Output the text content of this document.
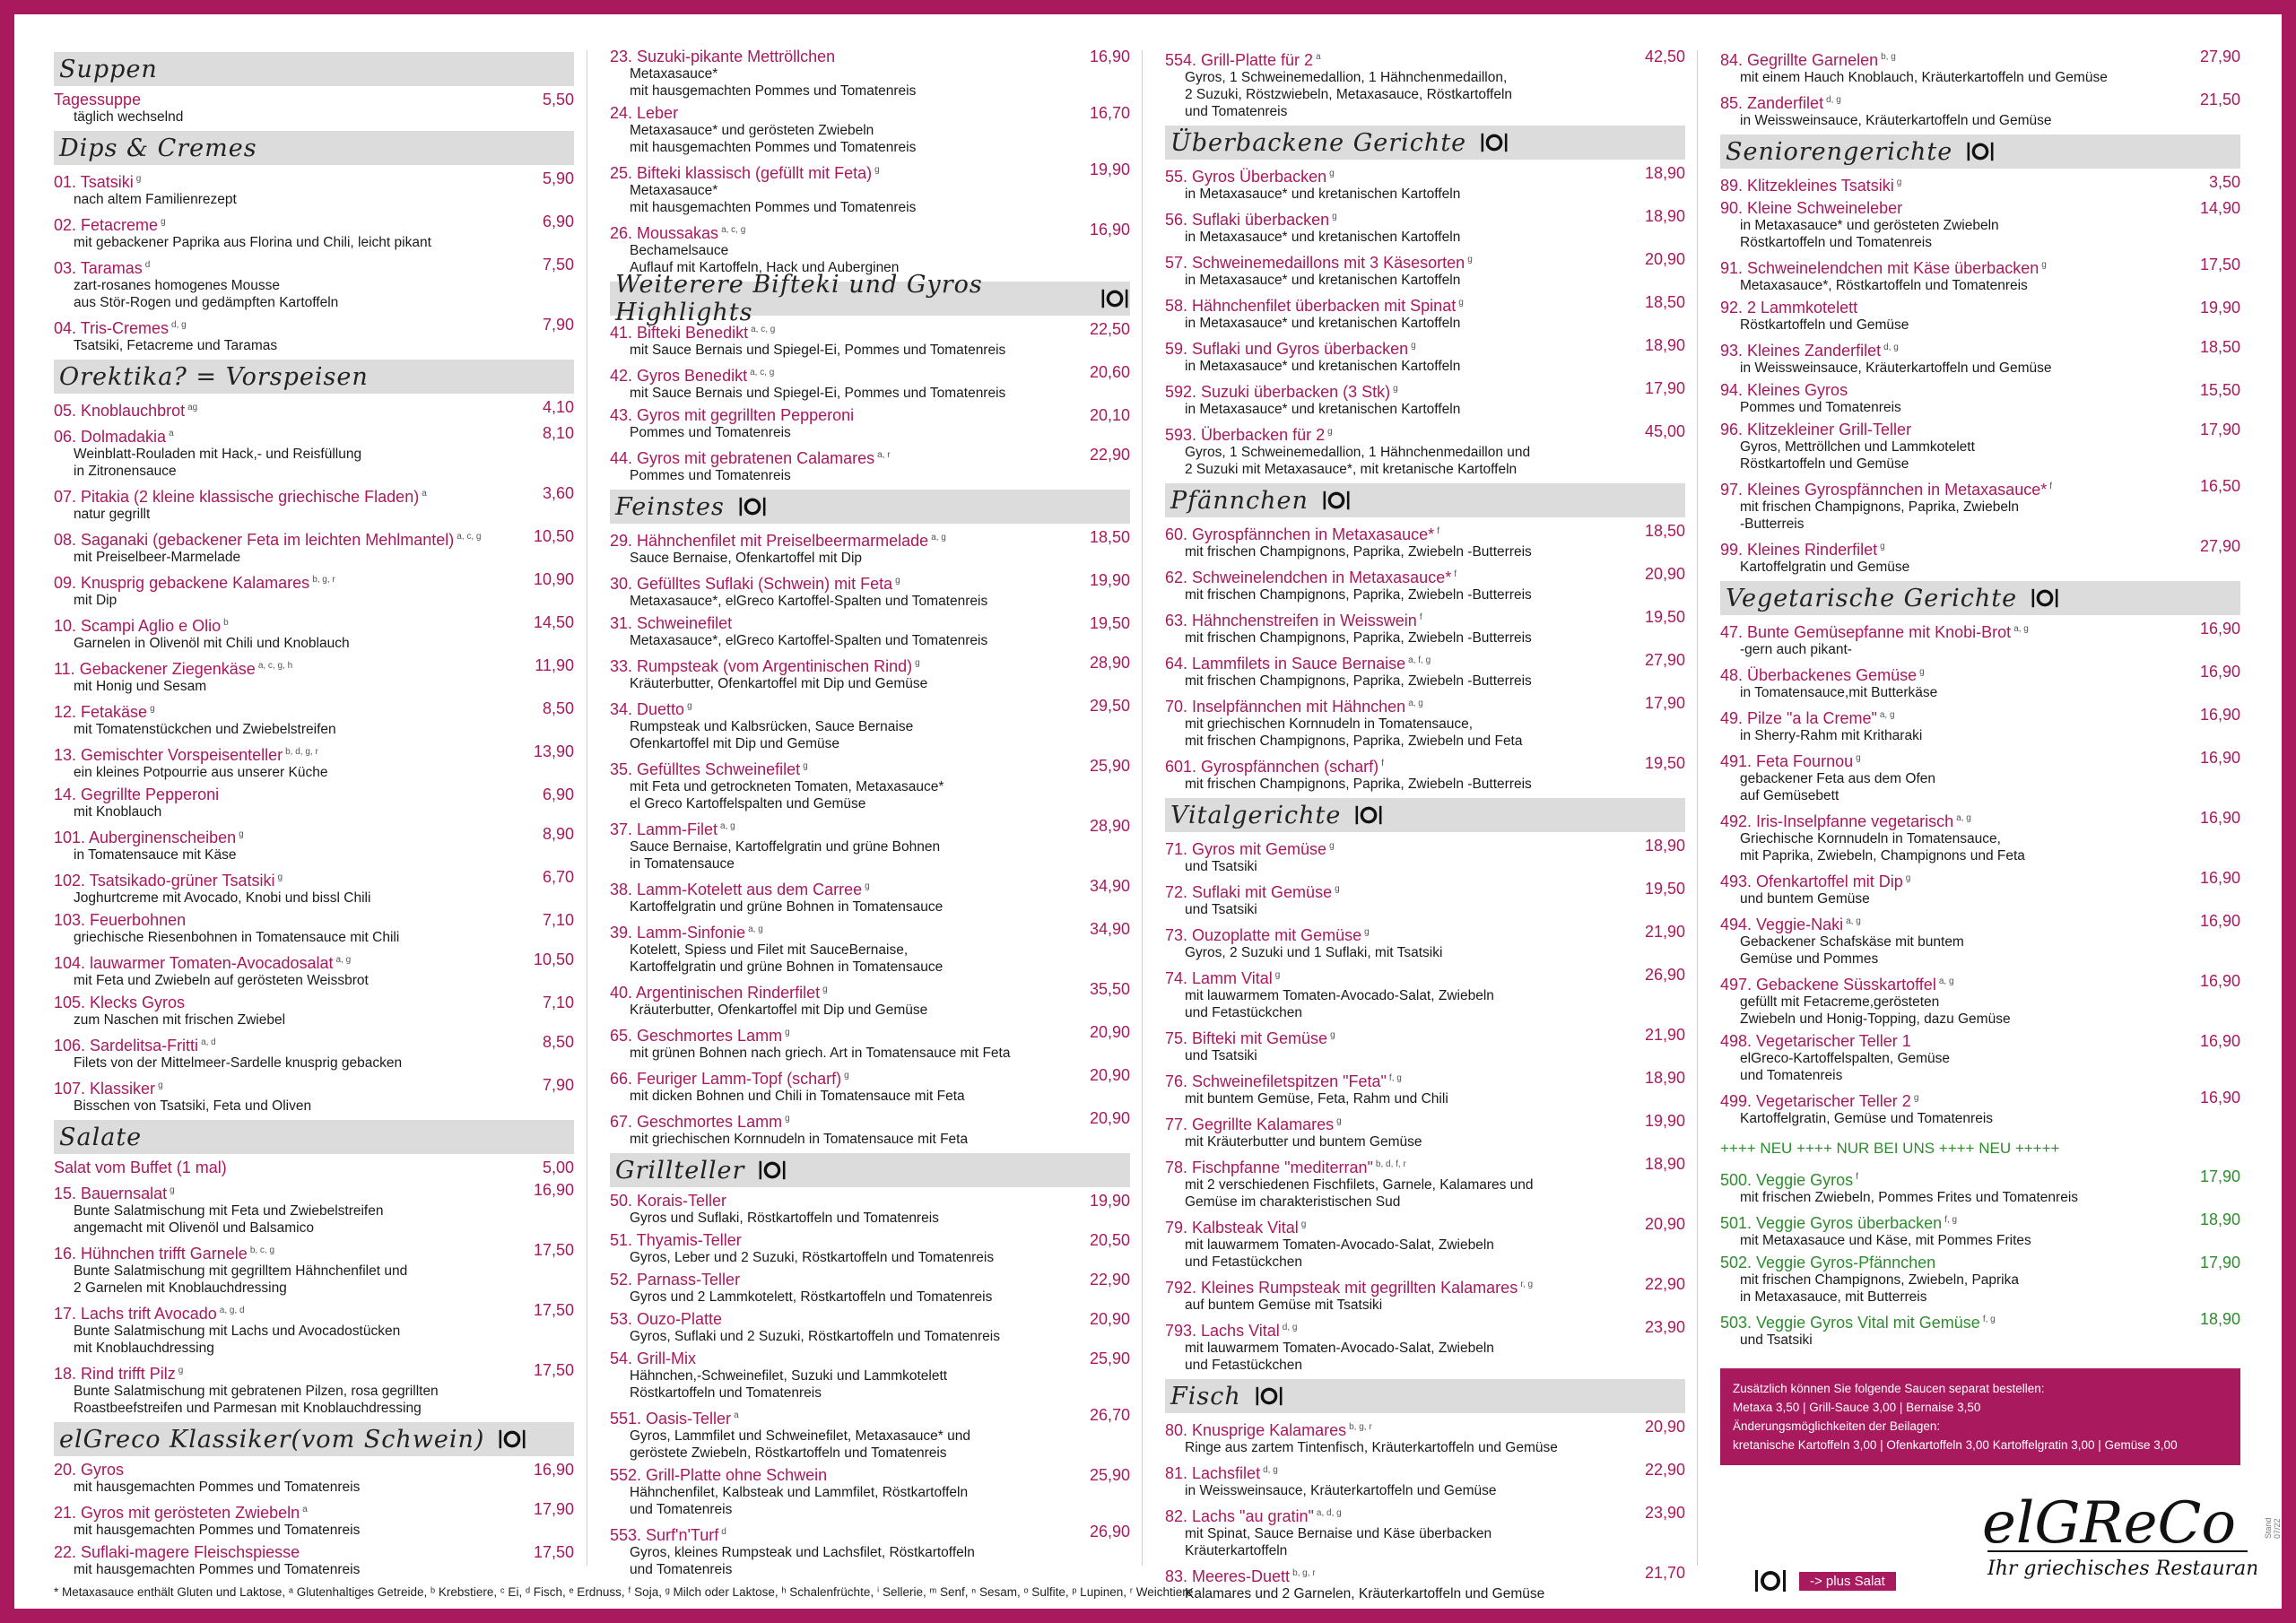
Suppen
Tagessuppe	5,50
täglich wechselnd
Dips & Cremes
01. Tsatsiki $^g$	5,90
nach altem Familienrezept
02. Fetacreme $^g$	6,90
mit gebackener Paprika aus Florina und Chili, leicht pikant
03. Taramas $^d$	7,50
zart-rosanes homogenes Mousse
aus Stör-Rogen und gedämpften Kartoffeln
04. Tris-Cremes $^{d, g}$	7,90
Tsatsiki, Fetacreme und Taramas
Orektika? = Vorspeisen
05. Knoblauchbrot $^{ag}$	4,10
06. Dolmadakia $^a$	8,10
Weinblatt-Rouladen mit Hack,- und Reisfüllung
in Zitronensauce
07. Pitakia (2 kleine klassische griechische Fladen) $^a$	3,60
natur gegrillt
08. Saganaki (gebackener Feta im leichten Mehlmantel) $^{a, c, g}$	10,50
mit Preiselbeer-Marmelade
09. Knusprig gebackene Kalamares $^{b, g, r}$	10,90
mit Dip
10. Scampi Aglio e Olio $^b$	14,50
Garnelen in Olivenöl mit Chili und Knoblauch
11. Gebackener Ziegenkäse $^{a, c, g, h}$	11,90
mit Honig und Sesam
12. Fetakäse $^g$	8,50
mit Tomatenstückchen und Zwiebelstreifen
13. Gemischter Vorspeisenteller $^{b, d, g, r}$	13,90
ein kleines Potpourrie aus unserer Küche
14. Gegrillte Pepperoni	6,90
mit Knoblauch
101. Auberginenscheiben $^g$	8,90
in Tomatensauce mit Käse
102. Tsatsikado-grüner Tsatsiki $^g$	6,70
Joghurtcreme mit Avocado, Knobi und bissl Chili
103. Feuerbohnen	7,10
griechische Riesenbohnen in Tomatensauce mit Chili
104. lauwarmer Tomaten-Avocadosalat $^{a, g}$	10,50
mit Feta und Zwiebeln auf gerösteten Weissbrot
105. Klecks Gyros	7,10
zum Naschen mit frischen Zwiebel
106. Sardelitsa-Fritti $^{a, d}$	8,50
Filets von der Mittelmeer-Sardelle knusprig gebacken
107. Klassiker $^g$	7,90
Bisschen von Tsatsiki, Feta und Oliven
Salate
Salat vom Buffet (1 mal)	5,00
15. Bauernsalat $^g$	16,90
Bunte Salatmischung mit Feta und Zwiebelstreifen
angemacht mit Olivenöl und Balsamico
16. Hühnchen trifft Garnele $^{b, c, g}$	17,50
Bunte Salatmischung mit gegrilltem Hähnchenfilet und
2 Garnelen mit Knoblauchdressing
17. Lachs trift Avocado $^{a, g, d}$	17,50
Bunte Salatmischung mit Lachs und Avocadostücken
mit Knoblauchdressing
18. Rind trifft Pilz $^g$	17,50
Bunte Salatmischung mit gebratenen Pilzen, rosa gegrillten
Roastbeefstreifen und Parmesan mit Knoblauchdressing
elGreco Klassiker(vom Schwein)
20. Gyros	16,90
mit hausgemachten Pommes und Tomatenreis
21. Gyros mit gerösteten Zwiebeln $^a$	17,90
mit hausgemachten Pommes und Tomatenreis
22. Suflaki-magere Fleischspiesse	17,50
mit hausgemachten Pommes und Tomatenreis
23. Suzuki-pikante Mettröllchen	16,90
Metaxasauce*
mit hausgemachten Pommes und Tomatenreis
24. Leber	16,70
Metaxasauce* und gerösteten Zwiebeln
mit hausgemachten Pommes und Tomatenreis
25. Bifteki klassisch (gefüllt mit Feta) $^g$	19,90
Metaxasauce*
mit hausgemachten Pommes und Tomatenreis
26. Moussakas $^{a, c, g}$	16,90
Bechamelsauce
Auflauf mit Kartoffeln, Hack und Auberginen
Weiterere Bifteki und Gyros Highlights
41. Bifteki Benedikt $^{a, c, g}$	22,50
mit Sauce Bernais und Spiegel-Ei, Pommes und Tomatenreis
42. Gyros Benedikt $^{a, c, g}$	20,60
mit Sauce Bernais und Spiegel-Ei, Pommes und Tomatenreis
43. Gyros mit gegrillten Pepperoni	20,10
Pommes und Tomatenreis
44. Gyros mit gebratenen Calamares $^{a, r}$	22,90
Pommes und Tomatenreis
Feinstes
29. Hähnchenfilet mit Preiselbeermarmelade $^{a, g}$	18,50
Sauce Bernaise, Ofenkartoffel mit Dip
30. Gefülltes Suflaki (Schwein) mit Feta $^g$	19,90
Metaxasauce*, elGreco Kartoffel-Spalten und Tomatenreis
31. Schweinefilet	19,50
Metaxasauce*, elGreco Kartoffel-Spalten und Tomatenreis
33. Rumpsteak (vom Argentinischen Rind) $^g$	28,90
Kräuterbutter, Ofenkartoffel mit Dip und Gemüse
34. Duetto $^g$	29,50
Rumpsteak und Kalbsrücken, Sauce Bernaise
Ofenkartoffel mit Dip und Gemüse
35. Gefülltes Schweinefilet $^g$	25,90
mit Feta und getrockneten Tomaten, Metaxasauce*
el Greco Kartoffelspalten und Gemüse
37. Lamm-Filet $^{a, g}$	28,90
Sauce Bernaise, Kartoffelgratin und grüne Bohnen
in Tomatensauce
38. Lamm-Kotelett aus dem Carree $^g$	34,90
Kartoffelgratin und grüne Bohnen in Tomatensauce
39. Lamm-Sinfonie $^{a, g}$	34,90
Kotelett, Spiess und Filet mit SauceBernaise,
Kartoffelgratin und grüne Bohnen in Tomatensauce
40. Argentinischen Rinderfilet $^g$	35,50
Kräuterbutter, Ofenkartoffel mit Dip und Gemüse
65. Geschmortes Lamm $^g$	20,90
mit grünen Bohnen nach griech. Art in Tomatensauce mit Feta
66. Feuriger Lamm-Topf (scharf) $^g$	20,90
mit dicken Bohnen und Chili in Tomatensauce mit Feta
67. Geschmortes Lamm $^g$	20,90
mit griechischen Kornnudeln in Tomatensauce mit Feta
Grillteller
50. Korais-Teller	19,90
Gyros und Suflaki, Röstkartoffeln und Tomatenreis
51. Thyamis-Teller	20,50
Gyros, Leber und 2 Suzuki, Röstkartoffeln und Tomatenreis
52. Parnass-Teller	22,90
Gyros und 2 Lammkotelett, Röstkartoffeln und Tomatenreis
53. Ouzo-Platte	20,90
Gyros, Suflaki und 2 Suzuki, Röstkartoffeln und Tomatenreis
54. Grill-Mix	25,90
Hähnchen,-Schweinefilet, Suzuki und Lammkotelett
Röstkartoffeln und Tomatenreis
551. Oasis-Teller $^a$	26,70
Gyros, Lammfilet und Schweinefilet, Metaxasauce* und
geröstete Zwiebeln, Röstkartoffeln und Tomatenreis
552. Grill-Platte ohne Schwein	25,90
Hähnchenfilet, Kalbsteak und Lammfilet, Röstkartoffeln
und Tomatenreis
553. Surf'n'Turf $^d$	26,90
Gyros, kleines Rumpsteak und Lachsfilet, Röstkartoffeln
und Tomatenreis
554. Grill-Platte für 2 $^a$	42,50
Gyros, 1 Schweinemedallion, 1 Hähnchenmedaillon,
2 Suzuki, Röstzwiebeln, Metaxasauce, Röstkartoffeln
und Tomatenreis
Überbackene Gerichte
55. Gyros Überbacken $^g$	18,90
in Metaxasauce* und kretanischen Kartoffeln
56. Suflaki überbacken $^g$	18,90
in Metaxasauce* und kretanischen Kartoffeln
57. Schweinemedaillons mit 3 Käsesorten $^g$	20,90
in Metaxasauce* und kretanischen Kartoffeln
58. Hähnchenfilet überbacken mit Spinat $^g$	18,50
in Metaxasauce* und kretanischen Kartoffeln
59. Suflaki und Gyros überbacken $^g$	18,90
in Metaxasauce* und kretanischen Kartoffeln
592. Suzuki überbacken (3 Stk) $^g$	17,90
in Metaxasauce* und kretanischen Kartoffeln
593. Überbacken für 2 $^g$	45,00
Gyros, 1 Schweinemedallion, 1 Hähnchenmedaillon und
2 Suzuki mit Metaxasauce*, mit kretanische Kartoffeln
Pfännchen
60. Gyrospfännchen in Metaxasauce* $^f$	18,50
mit frischen Champignons, Paprika, Zwiebeln -Butterreis
62. Schweinelendchen in Metaxasauce* $^f$	20,90
mit frischen Champignons, Paprika, Zwiebeln -Butterreis
63. Hähnchenstreifen in Weisswein $^f$	19,50
mit frischen Champignons, Paprika, Zwiebeln -Butterreis
64. Lammfilets in Sauce Bernaise $^{a, f, g}$	27,90
mit frischen Champignons, Paprika, Zwiebeln -Butterreis
70. Inselpfännchen mit Hähnchen $^{a, g}$	17,90
mit griechischen Kornnudeln in Tomatensauce,
mit frischen Champignons, Paprika, Zwiebeln und Feta
601. Gyrospfännchen (scharf) $^f$	19,50
mit frischen Champignons, Paprika, Zwiebeln -Butterreis
Vitalgerichte
71. Gyros mit Gemüse $^g$	18,90
und Tsatsiki
72. Suflaki mit Gemüse $^g$	19,50
und Tsatsiki
73. Ouzoplatte mit Gemüse $^g$	21,90
Gyros, 2 Suzuki und 1 Suflaki, mit Tsatsiki
74. Lamm Vital $^g$	26,90
mit lauwarmem Tomaten-Avocado-Salat, Zwiebeln
und Fetastückchen
75. Bifteki mit Gemüse $^g$	21,90
und Tsatsiki
76. Schweinefiletspitzen "Feta" $^{f, g}$	18,90
mit buntem Gemüse, Feta, Rahm und Chili
77. Gegrillte Kalamares $^g$	19,90
mit Kräuterbutter und buntem Gemüse
78. Fischpfanne "mediterran" $^{b, d, f, r}$	18,90
mit 2 verschiedenen Fischfilets, Garnele, Kalamares und
Gemüse im charakteristischen Sud
79. Kalbsteak Vital $^g$	20,90
mit lauwarmem Tomaten-Avocado-Salat, Zwiebeln
und Fetastückchen
792. Kleines Rumpsteak mit gegrillten Kalamares $^{r, g}$	22,90
auf buntem Gemüse mit Tsatsiki
793. Lachs Vital $^{d, g}$	23,90
mit lauwarmem Tomaten-Avocado-Salat, Zwiebeln
und Fetastückchen
Fisch
80. Knusprige Kalamares $^{b, g, r}$	20,90
Ringe aus zartem Tintenfisch, Kräuterkartoffeln und Gemüse
81. Lachsfilet $^{d, g}$	22,90
in Weissweinsauce, Kräuterkartoffeln und Gemüse
82. Lachs "au gratin" $^{a, d, g}$	23,90
mit Spinat, Sauce Bernaise und Käse überbacken
Kräuterkartoffeln
83. Meeres-Duett $^{b, g, r}$	21,70
Kalamares und 2 Garnelen, Kräuterkartoffeln und Gemüse
84. Gegrillte Garnelen $^{b, g}$	27,90
mit einem Hauch Knoblauch, Kräuterkartoffeln und Gemüse
85. Zanderfilet $^{d, g}$	21,50
in Weissweinsauce, Kräuterkartoffeln und Gemüse
Seniorengerichte
89. Klitzekleines Tsatsiki $^g$	3,50
90. Kleine Schweineleber	14,90
in Metaxasauce* und gerösteten Zwiebeln
Röstkartoffeln und Tomatenreis
91. Schweinelendchen mit Käse überbacken $^g$	17,50
Metaxasauce*, Röstkartoffeln und Tomatenreis
92. 2 Lammkotelett	19,90
Röstkartoffeln und Gemüse
93. Kleines Zanderfilet $^{d, g}$	18,50
in Weissweinsauce, Kräuterkartoffeln und Gemüse
94. Kleines Gyros	15,50
Pommes und Tomatenreis
96. Klitzekleiner Grill-Teller	17,90
Gyros, Mettröllchen und Lammkotelett
Röstkartoffeln und Gemüse
97. Kleines Gyrospfännchen in Metaxasauce* $^f$	16,50
mit frischen Champignons, Paprika, Zwiebeln
-Butterreis
99. Kleines Rinderfilet $^g$	27,90
Kartoffelgratin und Gemüse
Vegetarische Gerichte
47. Bunte Gemüsepfanne mit Knobi-Brot $^{a, g}$	16,90
-gern auch pikant-
48. Überbackenes Gemüse $^g$	16,90
in Tomatensauce,mit Butterkäse
49. Pilze "a la Creme" $^{a, g}$	16,90
in Sherry-Rahm mit Kritharaki
491. Feta Fournou $^g$	16,90
gebackener Feta aus dem Ofen
auf Gemüsebett
492. Iris-Inselpfanne vegetarisch $^{a, g}$	16,90
Griechische Kornnudeln in Tomatensauce,
mit Paprika, Zwiebeln, Champignons und Feta
493. Ofenkartoffel mit Dip $^g$	16,90
und buntem Gemüse
494. Veggie-Naki $^{a, g}$	16,90
Gebackener Schafskäse mit buntem
Gemüse und Pommes
497. Gebackene Süsskartoffel $^{a, g}$	16,90
gefüllt mit Fetacreme,gerösteten
Zwiebeln und Honig-Topping, dazu Gemüse
498. Vegetarischer Teller 1	16,90
elGreco-Kartoffelspalten, Gemüse
und Tomatenreis
499. Vegetarischer Teller 2 $^g$	16,90
Kartoffelgratin, Gemüse und Tomatenreis
++++ NEU ++++ NUR BEI UNS ++++ NEU +++++
500. Veggie Gyros $^f$	17,90
mit frischen Zwiebeln, Pommes Frites und Tomatenreis
501. Veggie Gyros überbacken $^{f, g}$	18,90
mit Metaxasauce und Käse, mit Pommes Frites
502. Veggie Gyros-Pfännchen	17,90
mit frischen Champignons, Zwiebeln, Paprika
in Metaxasauce, mit Butterreis
503. Veggie Gyros Vital mit Gemüse $^{f, g}$	18,90
und Tsatsiki
Zusätzlich können Sie folgende Saucen separat bestellen:
Metaxa 3,50 | Grill-Sauce 3,00 | Bernaise 3,50
Änderungsmöglichkeiten der Beilagen:
kretanische Kartoffeln 3,00 | Ofenkartoffeln 3,00 Kartoffelgratin 3,00 | Gemüse 3,00
-> plus Salat
elGReCo
Ihr griechisches Restaurant
Stand 07/22
* Metaxasauce enthält Gluten und Laktose, ᵃ Glutenhaltiges Getreide, ᵇ Krebstiere, ᶜ Ei, ᵈ Fisch, ᵉ Erdnuss, ᶠ Soja, ᵍ Milch oder Laktose, ʰ Schalenfrüchte, ⁱ Sellerie, ᵐ Senf, ⁿ Sesam, ᵒ Sulfite, ᵖ Lupinen, ʳ Weichtiere
